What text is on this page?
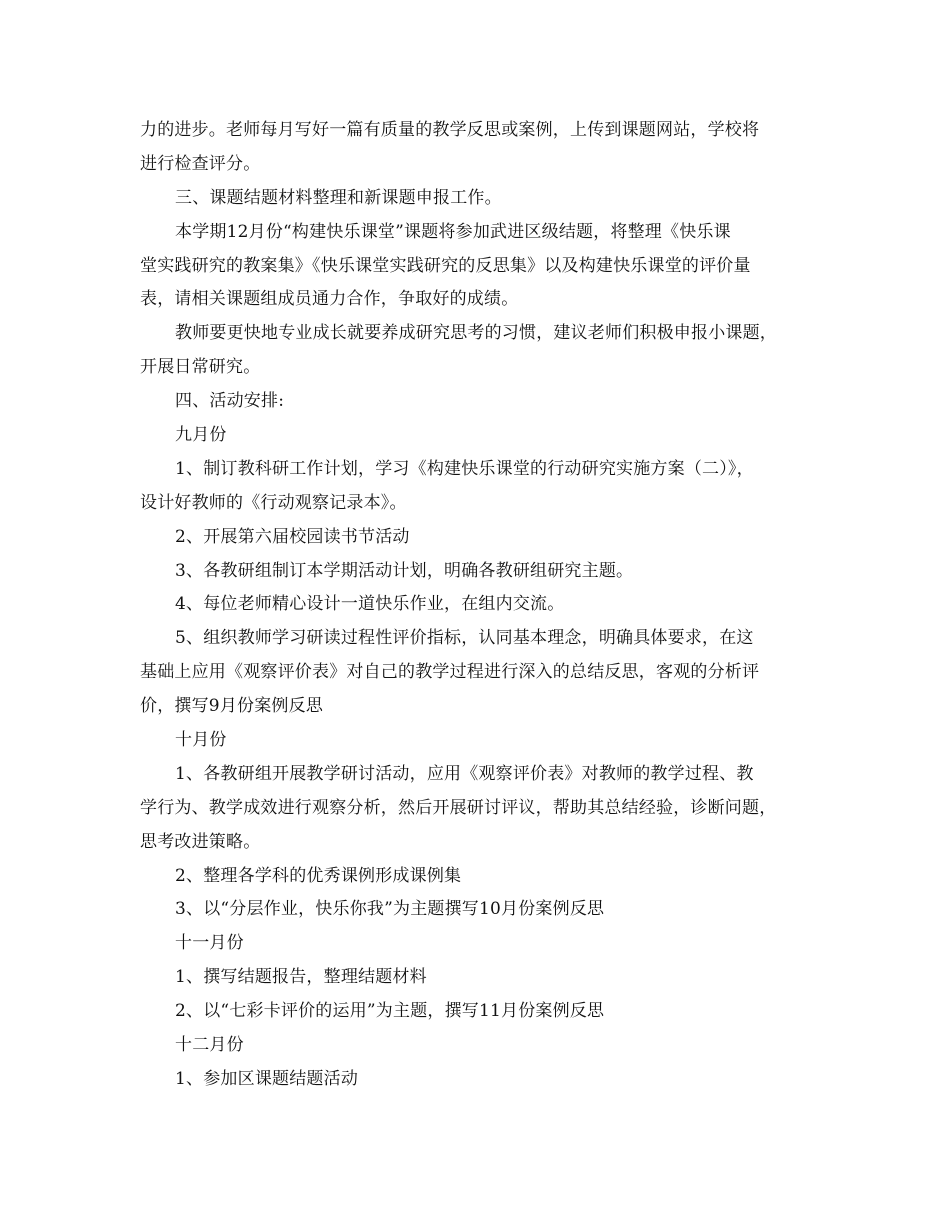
力的进步。老师每月写好一篇有质量的教学反思或案例，上传到课题网站，学校将
进行检查评分。
三、课题结题材料整理和新课题申报工作。
本学期12月份“构建快乐课堂”课题将参加武进区级结题，将整理《快乐课
堂实践研究的教案集》《快乐课堂实践研究的反思集》以及构建快乐课堂的评价量
表，请相关课题组成员通力合作，争取好的成绩。
教师要更快地专业成长就要养成研究思考的习惯，建议老师们积极申报小课题，
开展日常研究。
四、活动安排:
九月份
1、制订教科研工作计划，学习《构建快乐课堂的行动研究实施方案（二）》，
设计好教师的《行动观察记录本》。
2、开展第六届校园读书节活动
3、各教研组制订本学期活动计划，明确各教研组研究主题。
4、每位老师精心设计一道快乐作业，在组内交流。
5、组织教师学习研读过程性评价指标，认同基本理念，明确具体要求，在这
基础上应用《观察评价表》对自己的教学过程进行深入的总结反思，客观的分析评
价，撰写9月份案例反思
十月份
1、各教研组开展教学研讨活动，应用《观察评价表》对教师的教学过程、教
学行为、教学成效进行观察分析，然后开展研讨评议，帮助其总结经验，诊断问题，
思考改进策略。
2、整理各学科的优秀课例形成课例集
3、以“分层作业，快乐你我”为主题撰写10月份案例反思
十一月份
1、撰写结题报告，整理结题材料
2、以“七彩卡评价的运用”为主题，撰写11月份案例反思
十二月份
1、参加区课题结题活动
